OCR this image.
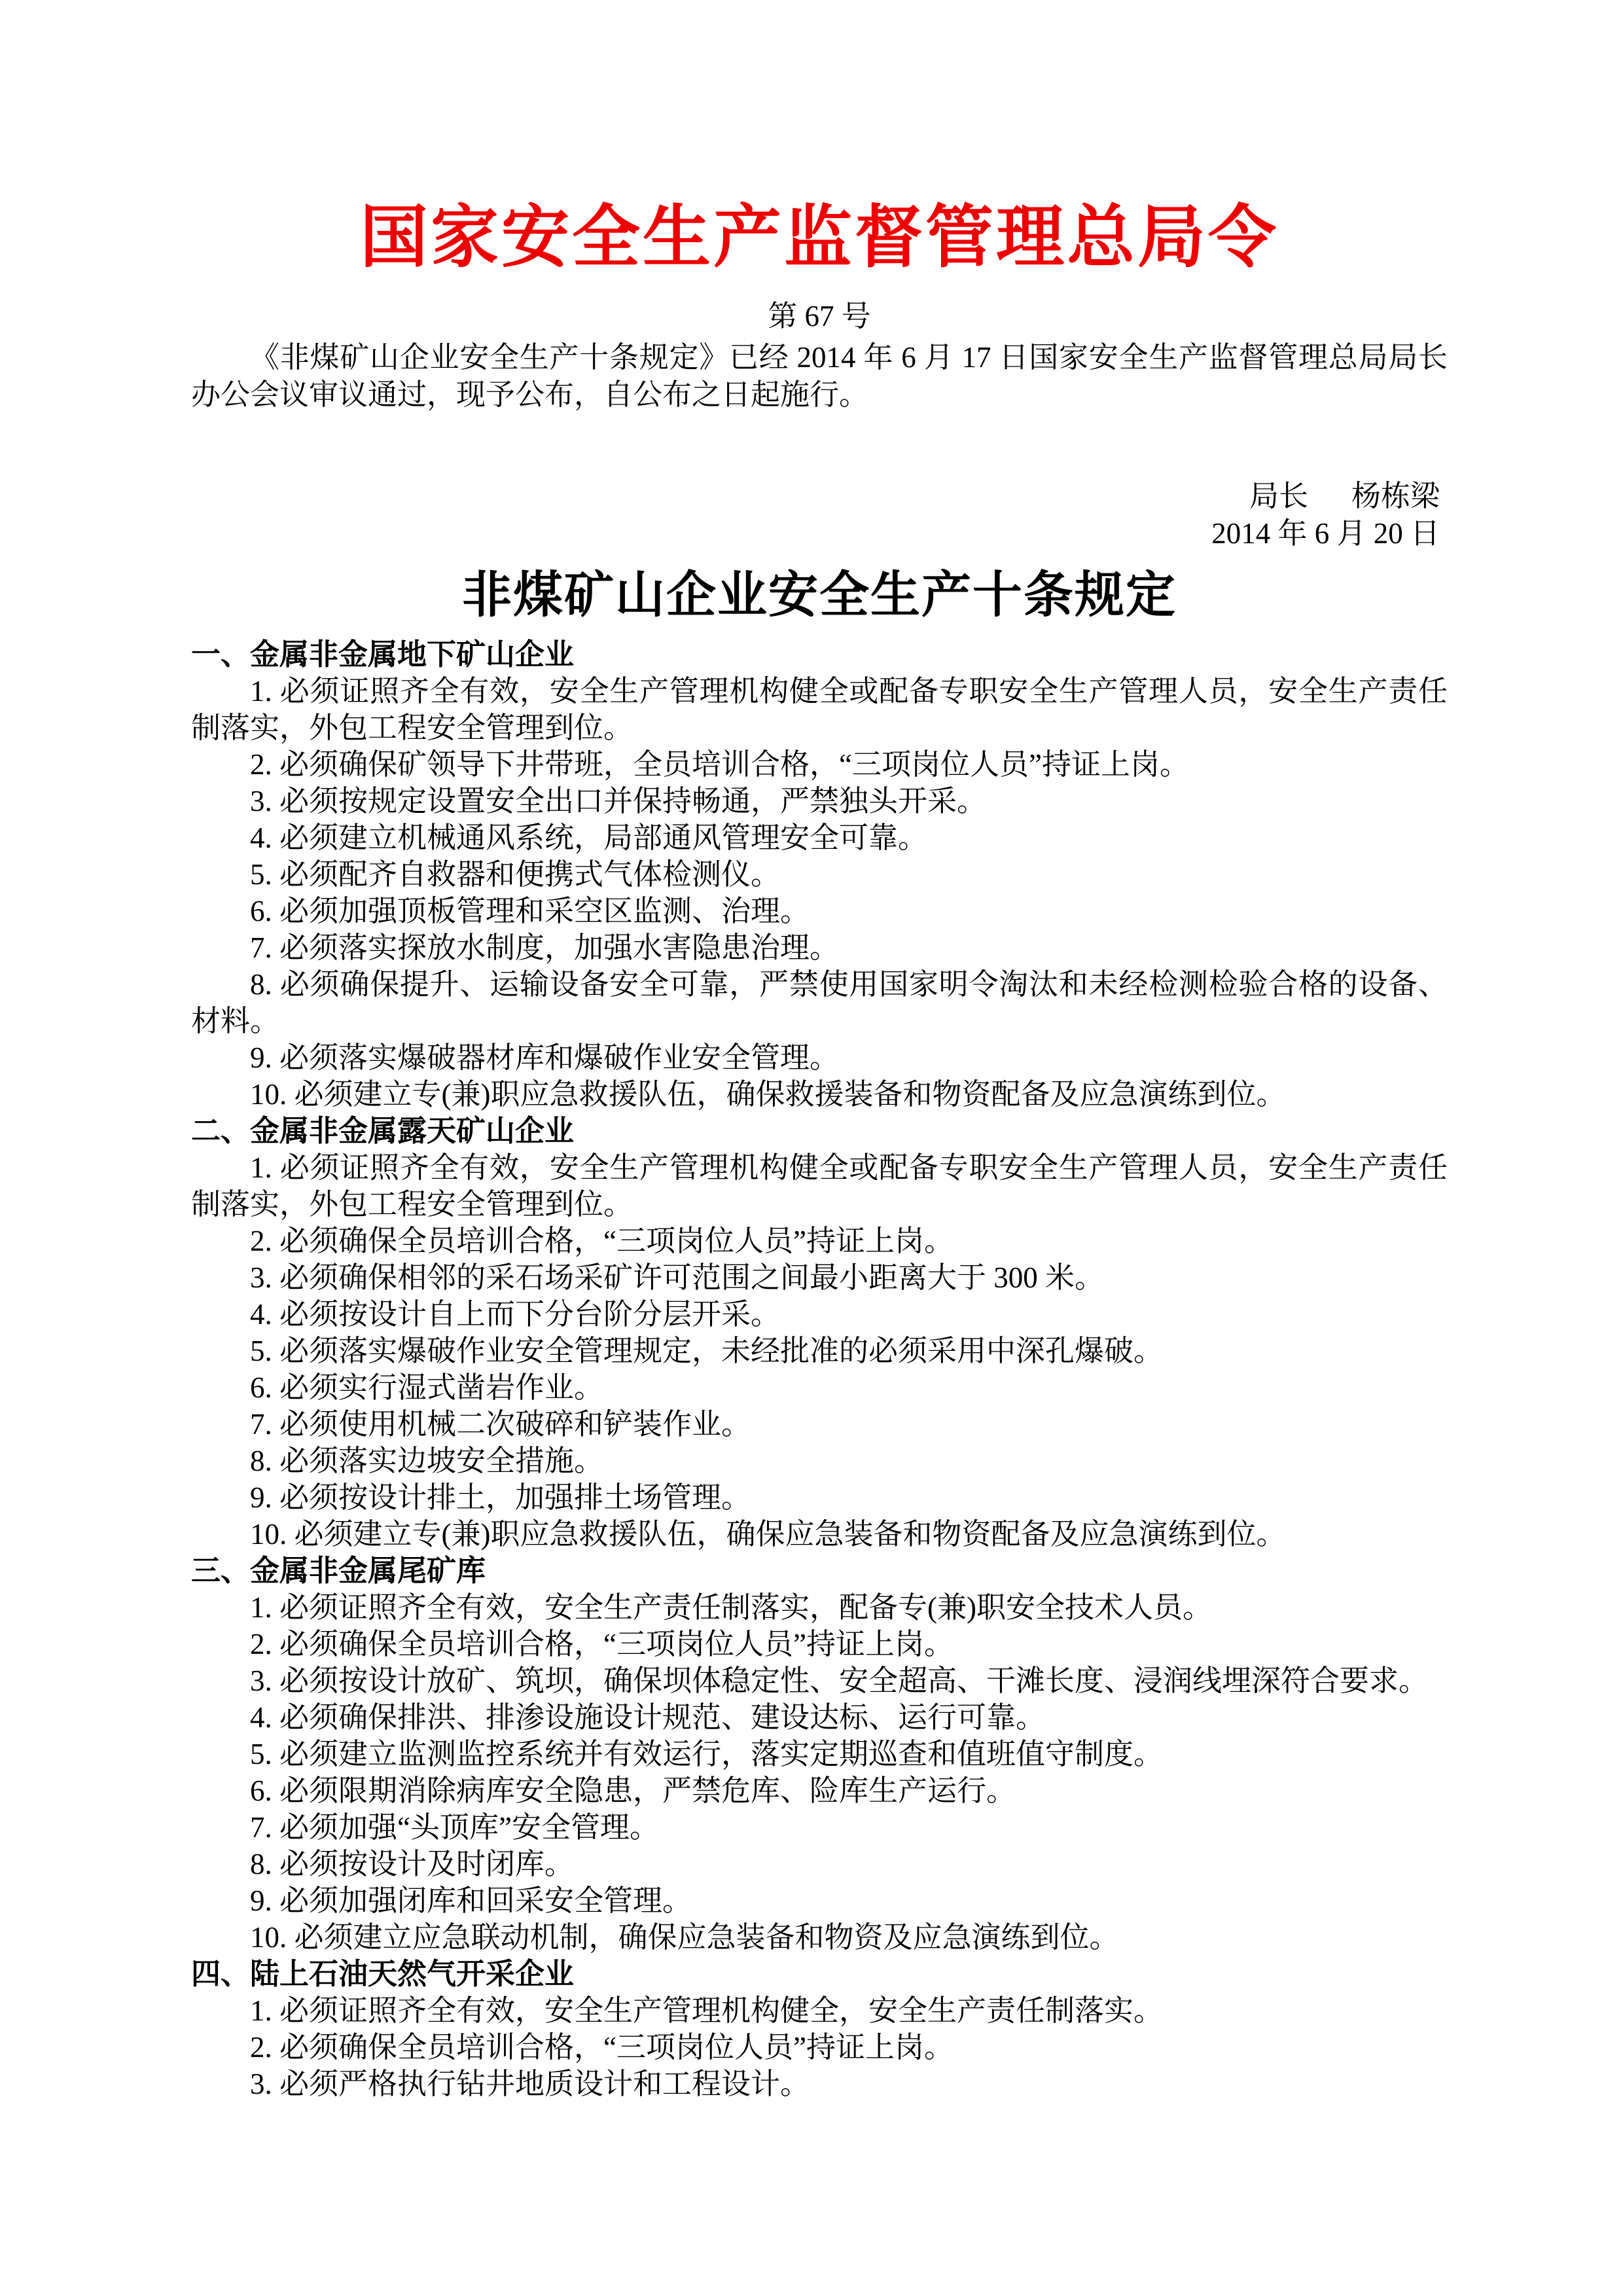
国家安全生产监督管理总局令
第 67 号

《非煤矿山企业安全生产十条规定》已经 2014 年 6 月 17 日国家安全生产监督管理总局局长办公会议审议通过，现予公布，自公布之日起施行。

局长 杨栋梁
2014 年 6 月 20 日
非煤矿山企业安全生产十条规定
一、金属非金属地下矿山企业

1. 必须证照齐全有效，安全生产管理机构健全或配备专职安全生产管理人员，安全生产责任制落实，外包工程安全管理到位。

2. 必须确保矿领导下井带班，全员培训合格，“三项岗位人员”持证上岗。

3. 必须按规定设置安全出口并保持畅通，严禁独头开采。

4. 必须建立机械通风系统，局部通风管理安全可靠。

5. 必须配齐自救器和便携式气体检测仪。

6. 必须加强顶板管理和采空区监测、治理。

7. 必须落实探放水制度，加强水害隐患治理。

8. 必须确保提升、运输设备安全可靠，严禁使用国家明令淘汰和未经检测检验合格的设备、材料。

9. 必须落实爆破器材库和爆破作业安全管理。

10. 必须建立专(兼)职应急救援队伍，确保救援装备和物资配备及应急演练到位。

二、金属非金属露天矿山企业

1. 必须证照齐全有效，安全生产管理机构健全或配备专职安全生产管理人员，安全生产责任制落实，外包工程安全管理到位。

2. 必须确保全员培训合格，“三项岗位人员”持证上岗。

3. 必须确保相邻的采石场采矿许可范围之间最小距离大于 300 米。

4. 必须按设计自上而下分台阶分层开采。

5. 必须落实爆破作业安全管理规定，未经批准的必须采用中深孔爆破。

6. 必须实行湿式凿岩作业。

7. 必须使用机械二次破碎和铲装作业。

8. 必须落实边坡安全措施。

9. 必须按设计排土，加强排土场管理。

10. 必须建立专(兼)职应急救援队伍，确保应急装备和物资配备及应急演练到位。

三、金属非金属尾矿库

1. 必须证照齐全有效，安全生产责任制落实，配备专(兼)职安全技术人员。

2. 必须确保全员培训合格，“三项岗位人员”持证上岗。

3. 必须按设计放矿、筑坝，确保坝体稳定性、安全超高、干滩长度、浸润线埋深符合要求。

4. 必须确保排洪、排渗设施设计规范、建设达标、运行可靠。

5. 必须建立监测监控系统并有效运行，落实定期巡查和值班值守制度。

6. 必须限期消除病库安全隐患，严禁危库、险库生产运行。

7. 必须加强“头顶库”安全管理。

8. 必须按设计及时闭库。

9. 必须加强闭库和回采安全管理。

10. 必须建立应急联动机制，确保应急装备和物资及应急演练到位。

四、陆上石油天然气开采企业

1. 必须证照齐全有效，安全生产管理机构健全，安全生产责任制落实。

2. 必须确保全员培训合格，“三项岗位人员”持证上岗。

3. 必须严格执行钻井地质设计和工程设计。
